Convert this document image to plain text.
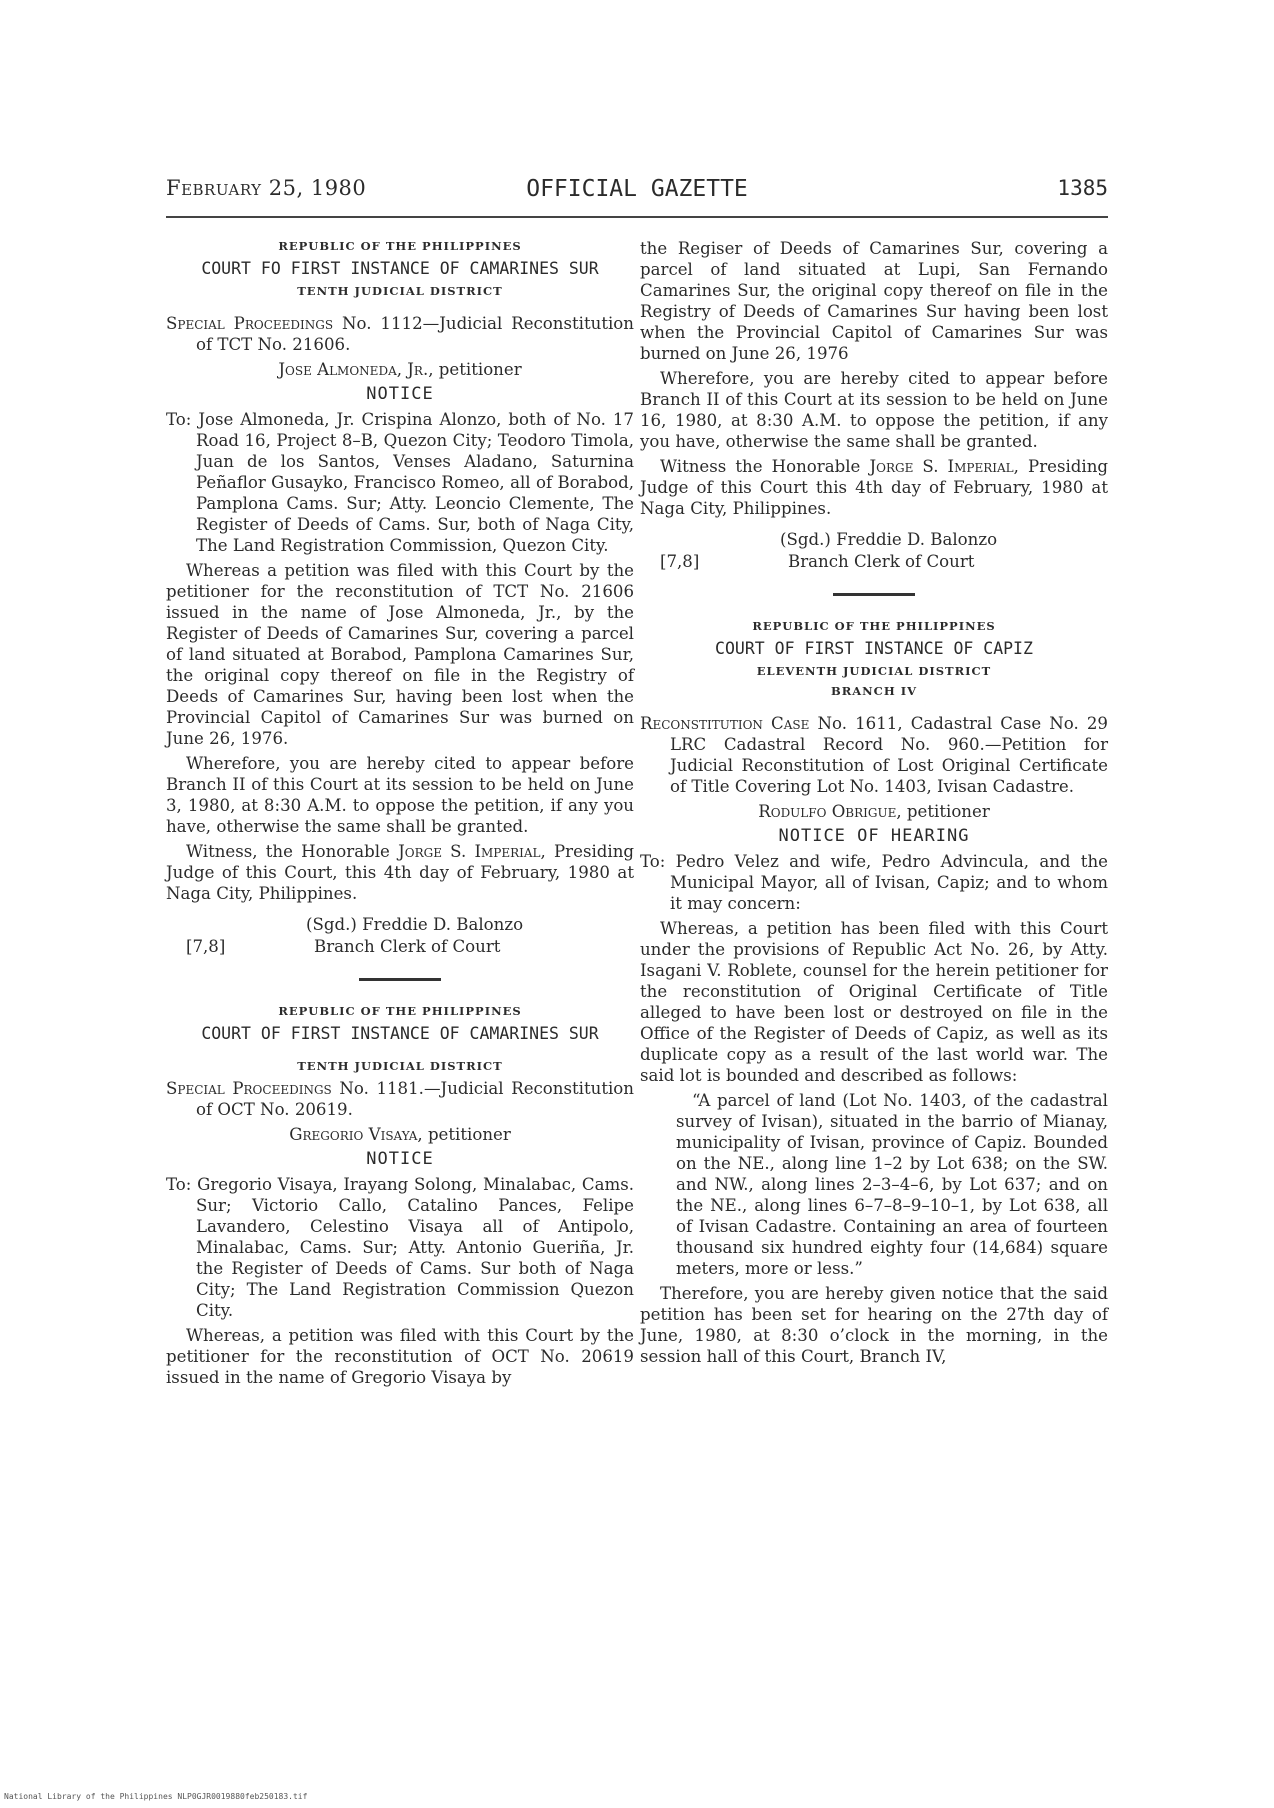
February 25, 1980	OFFICIAL GAZETTE	1385

REPUBLIC OF THE PHILIPPINES

COURT FO FIRST INSTANCE OF CAMARINES SUR

TENTH JUDICIAL DISTRICT

Special Proceedings No. 1112—Judicial Reconstitution of TCT No. 21606.

Jose Almoneda, Jr., petitioner

NOTICE

To: Jose Almoneda, Jr. Crispina Alonzo, both of No. 17 Road 16, Project 8–B, Quezon City; Teodoro Timola, Juan de los Santos, Venses Aladano, Saturnina Peñaflor Gusayko, Francisco Romeo, all of Borabod, Pamplona Cams. Sur; Atty. Leoncio Clemente, The Register of Deeds of Cams. Sur, both of Naga City, The Land Registration Commission, Quezon City.

Whereas a petition was filed with this Court by the petitioner for the reconstitution of TCT No. 21606 issued in the name of Jose Almoneda, Jr., by the Register of Deeds of Camarines Sur, covering a parcel of land situated at Borabod, Pamplona Camarines Sur, the original copy thereof on file in the Registry of Deeds of Camarines Sur, having been lost when the Provincial Capitol of Camarines Sur was burned on June 26, 1976.

Wherefore, you are hereby cited to appear before Branch II of this Court at its session to be held on June 3, 1980, at 8:30 A.M. to oppose the petition, if any you have, otherwise the same shall be granted.

Witness, the Honorable Jorge S. Imperial, Presiding Judge of this Court, this 4th day of February, 1980 at Naga City, Philippines.

(Sgd.) Freddie D. Balonzo
[7,8]	Branch Clerk of Court

REPUBLIC OF THE PHILIPPINES

COURT OF FIRST INSTANCE OF CAMARINES SUR

TENTH JUDICIAL DISTRICT

Special Proceedings No. 1181.—Judicial Reconstitution of OCT No. 20619.

Gregorio Visaya, petitioner

NOTICE

To: Gregorio Visaya, Irayang Solong, Minalabac, Cams. Sur; Victorio Callo, Catalino Pances, Felipe Lavandero, Celestino Visaya all of Antipolo, Minalabac, Cams. Sur; Atty. Antonio Gueriña, Jr. the Register of Deeds of Cams. Sur both of Naga City; The Land Registration Commission Quezon City.

Whereas, a petition was filed with this Court by the petitioner for the reconstitution of OCT No. 20619 issued in the name of Gregorio Visaya by

the Regiser of Deeds of Camarines Sur, covering a parcel of land situated at Lupi, San Fernando Camarines Sur, the original copy thereof on file in the Registry of Deeds of Camarines Sur having been lost when the Provincial Capitol of Camarines Sur was burned on June 26, 1976

Wherefore, you are hereby cited to appear before Branch II of this Court at its session to be held on June 16, 1980, at 8:30 A.M. to oppose the petition, if any you have, otherwise the same shall be granted.

Witness the Honorable Jorge S. Imperial, Presiding Judge of this Court this 4th day of February, 1980 at Naga City, Philippines.

(Sgd.) Freddie D. Balonzo
[7,8]	Branch Clerk of Court

REPUBLIC OF THE PHILIPPINES

COURT OF FIRST INSTANCE OF CAPIZ

ELEVENTH JUDICIAL DISTRICT

BRANCH IV

Reconstitution Case No. 1611, Cadastral Case No. 29 LRC Cadastral Record No. 960.—Petition for Judicial Reconstitution of Lost Original Certificate of Title Covering Lot No. 1403, Ivisan Cadastre.

Rodulfo Obrigue, petitioner

NOTICE OF HEARING

To: Pedro Velez and wife, Pedro Advincula, and the Municipal Mayor, all of Ivisan, Capiz; and to whom it may concern:

Whereas, a petition has been filed with this Court under the provisions of Republic Act No. 26, by Atty. Isagani V. Roblete, counsel for the herein petitioner for the reconstitution of Original Certificate of Title alleged to have been lost or destroyed on file in the Office of the Register of Deeds of Capiz, as well as its duplicate copy as a result of the last world war. The said lot is bounded and described as follows:

“A parcel of land (Lot No. 1403, of the cadastral survey of Ivisan), situated in the barrio of Mianay, municipality of Ivisan, province of Capiz. Bounded on the NE., along line 1–2 by Lot 638; on the SW. and NW., along lines 2–3–4–6, by Lot 637; and on the NE., along lines 6–7–8–9–10–1, by Lot 638, all of Ivisan Cadastre. Containing an area of fourteen thousand six hundred eighty four (14,684) square meters, more or less.”

Therefore, you are hereby given notice that the said petition has been set for hearing on the 27th day of June, 1980, at 8:30 o’clock in the morning, in the session hall of this Court, Branch IV,

National Library of the Philippines NLP0GJR0019880feb250183.tif
